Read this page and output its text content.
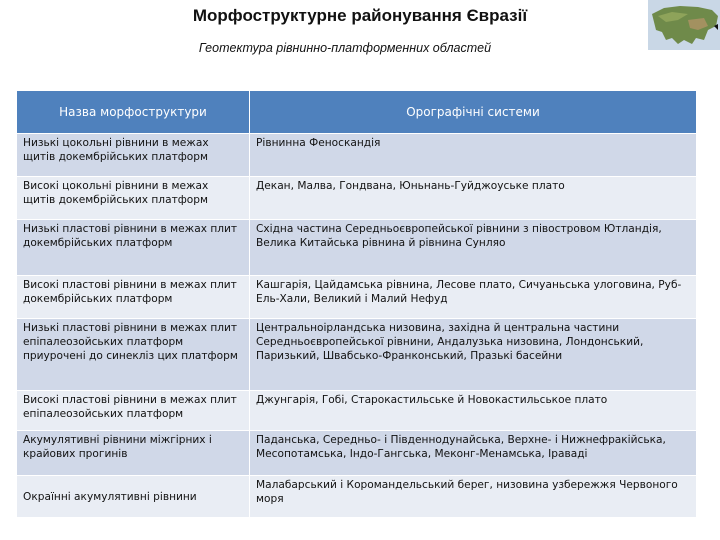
Морфоструктурне районування Євразії
Геотектура рівнинно-платформенних областей
Назва морфоструктури	Орографічні системи
Низькі цокольні рівнини в межах щитів докембрійських платформ	Рівнинна Феноскандія
Високі цокольні рівнини в межах щитів докембрійських платформ	Декан, Малва, Гондвана, Юньнань-Гуйджоуське плато
Низькі пластові рівнини в межах плит докембрійських платформ	Східна частина Середньоєвропейської рівнини з півостровом Ютландія, Велика Китайська рівнина й рівнина Сунляо
Високі пластові рівнини в межах плит докембрійських платформ	Кашгарія, Цайдамська рівнина, Лесове плато, Сичуаньська улоговина, Руб-Ель-Хали, Великий і Малий Нефуд
Низькі пластові рівнини в межах плит епіпалеозойських платформ приурочені до синекліз цих платформ	Центральноірландська низовина, західна й центральна частини Середньоєвропейської рівнини, Андалузька низовина, Лондонський, Паризький, Швабсько-Франконський, Празькі басейни
Високі пластові рівнини в межах плит епіпалеозойських платформ	Джунгарія, Гобі, Старокастильське й Новокастильськое плато
Акумулятивні рівнини міжгірних і крайових прогинів	Паданська, Середньо- і Південнодунайська, Верхне- і Нижнефракійська, Месопотамська, Індо-Гангська, Меконг-Менамська, Іраваді
Окраїнні акумулятивні рівнини	Малабарський і Коромандельський берег, низовина узбережжя Червоного моря
